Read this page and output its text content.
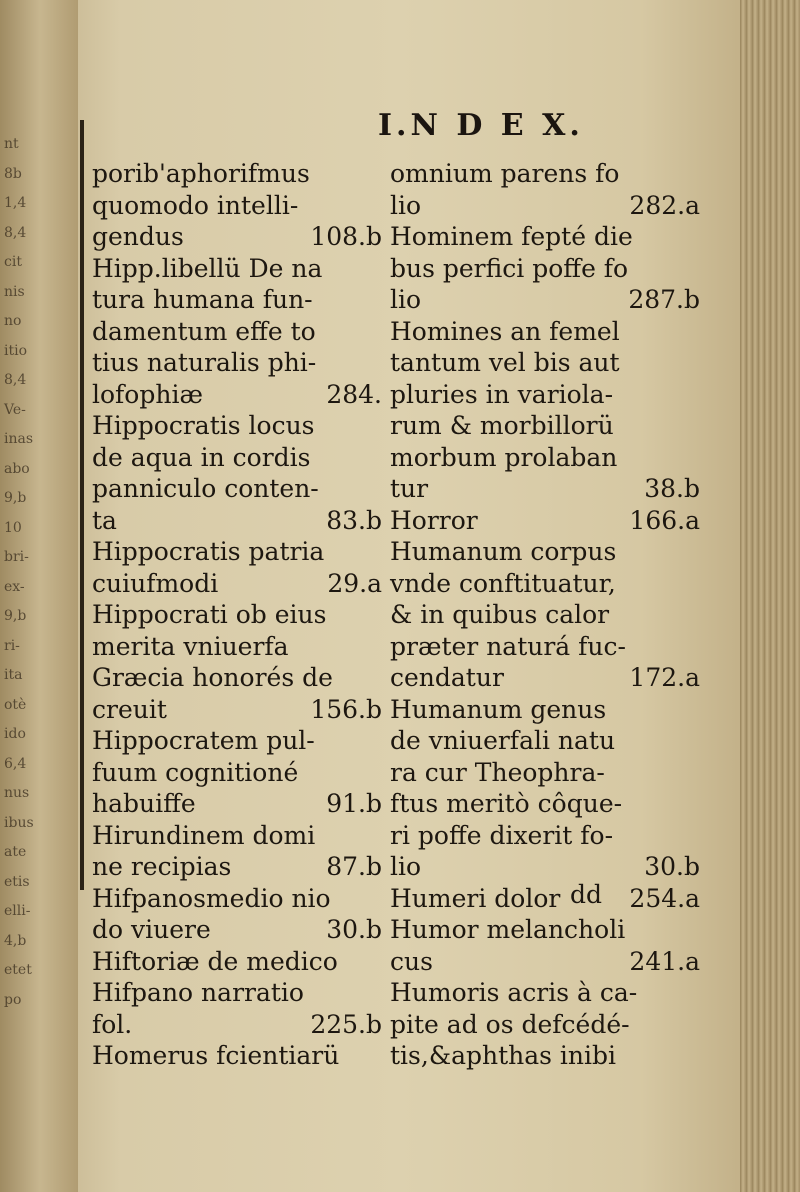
nt
8b
1,4
8,4
cit
nis
no
itio
8,4
Ve-
inas
abo
9,b
10
bri-
ex-
9,b
ri-
ita
otè
ido
6,4
nus
ibus
ate
etis
elli-
4,b
etet
po
I.N D E X.
porib'aphorifmus
quomodo intelli-
gendus	108.b
Hipp.libellü De na
tura humana fun-
damentum effe to
tius naturalis phi-
lofophiæ	284.
Hippocratis locus
de aqua in cordis
panniculo conten-
ta	83.b
Hippocratis patria
cuiufmodi	29.a
Hippocrati ob eius
merita vniuerfa
Græcia honorés de
creuit	156.b
Hippocratem pul-
fuum cognitioné
habuiffe	91.b
Hirundinem domi
ne recipias	87.b
Hifpanosmedio nio
do viuere	30.b
Hiftoriæ de medico
Hifpano narratio
fol.	225.b
Homerus fcientiarü
omnium parens fo
lio	282.a
Hominem fepté die
bus perfici poffe fo
lio	287.b
Homines an femel
tantum vel bis aut
pluries in variola-
rum & morbillorü
morbum prolaban
tur	38.b
Horror	166.a
Humanum corpus
vnde conftituatur,
& in quibus calor
præter naturá fuc-
cendatur	172.a
Humanum genus
de vniuerfali natu
ra cur Theophra-
ftus meritò côque-
ri poffe dixerit fo-
lio	30.b
Humeri dolor	254.a
Humor melancholi
cus	241.a
Humoris acris à ca-
pite ad os defcédé-
tis,&aphthas inibi
dd
